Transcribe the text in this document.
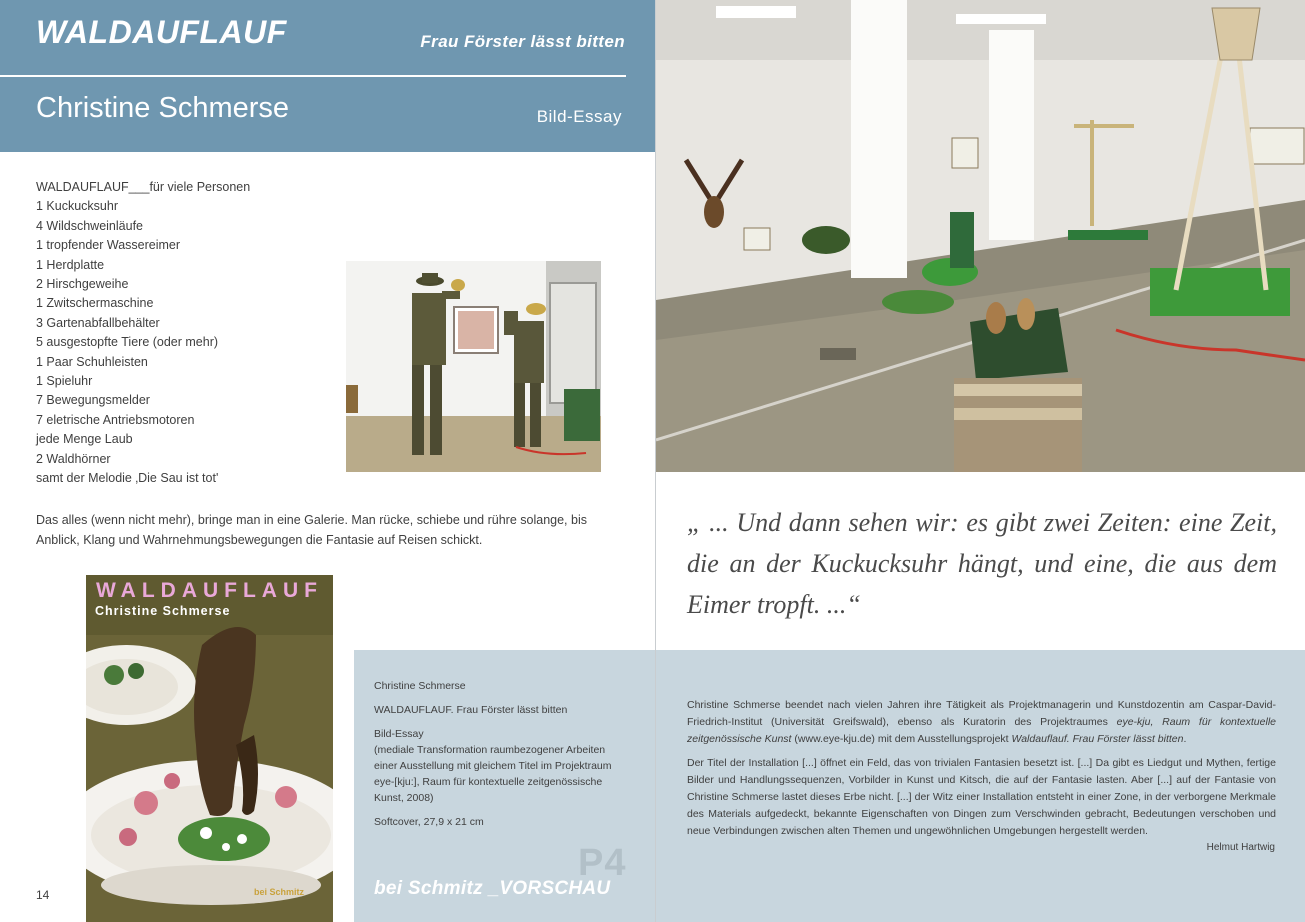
WALDAUFLAUF	Frau Förster lässt bitten
Christine Schmerse	Bild-Essay
WALDAUFLAUF___für viele Personen
1 Kuckucksuhr
4 Wildschweinläufe
1 tropfender Wassereimer
1 Herdplatte
2 Hirschgeweihe
1 Zwitschermaschine
3 Gartenabfallbehälter
5 ausgestopfte Tiere (oder mehr)
1 Paar Schuhleisten
1 Spieluhr
7 Bewegungsmelder
7 eletrische Antriebsmotoren
jede Menge Laub
2 Waldhörner
samt der Melodie ‚Die Sau ist tot'

Das alles (wenn nicht mehr), bringe man in eine Galerie. Man rücke, schiebe und rühre solange, bis Anblick, Klang und Wahrnehmungsbewegungen die Fantasie auf Reisen schickt.

„ ... Und dann sehen wir: es gibt zwei Zeiten: eine Zeit, die an der Kuckucksuhr hängt, und eine, die aus dem Eimer tropft. ...“

WALDAUFLAUF
Christine Schmerse
bei Schmitz

Christine Schmerse

WALDAUFLAUF. Frau Förster lässt bitten

Bild-Essay

(mediale Transformation raumbezogener Arbeiten einer Ausstellung mit gleichem Titel im Projektraum eye-[kju:], Raum für kontextuelle zeitgenössische Kunst, 2008)

Softcover, 27,9 x 21 cm

P4
bei Schmitz _VORSCHAU
14

Christine Schmerse beendet nach vielen Jahren ihre Tätigkeit als Projektmanagerin und Kunstdozentin am Caspar-David-Friedrich-Institut (Universität Greifswald), ebenso als Kuratorin des Projektraumes eye-kju, Raum für kontextuelle zeitgenössische Kunst (www.eye-kju.de) mit dem Ausstellungsprojekt Waldauflauf. Frau Förster lässt bitten.

Der Titel der Installation [...] öffnet ein Feld, das von trivialen Fantasien besetzt ist. [...] Da gibt es Liedgut und Mythen, fertige Bilder und Handlungssequenzen, Vorbilder in Kunst und Kitsch, die auf der Fantasie lasten. Aber [...] auf der Fantasie von Christine Schmerse lastet dieses Erbe nicht. [...] der Witz einer Installation entsteht in einer Zone, in der verborgene Merkmale des Materials aufgedeckt, bekannte Eigenschaften von Dingen zum Verschwinden gebracht, Bedeutungen verschoben und neue Verbindungen zwischen alten Themen und ungewöhnlichen Umgebungen hergestellt werden.

Helmut Hartwig
